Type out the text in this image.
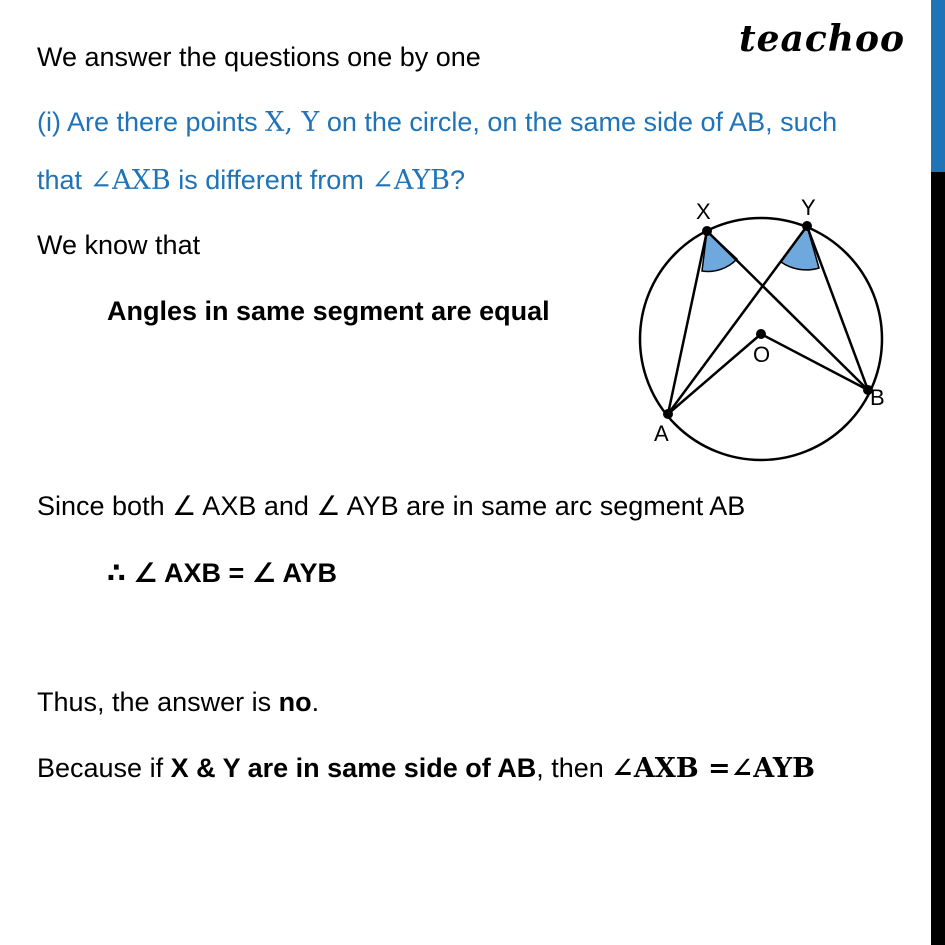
teachoo
We answer the questions one by one
(i) Are there points X, Y on the circle, on the same side of AB, such
that ∠AXB is different from ∠AYB?
We know that
Angles in same segment are equal
Since both ∠ AXB and ∠ AYB are in same arc segment AB
∴ ∠ AXB = ∠ AYB
Thus, the answer is no.
Because if X & Y are in same side of AB, then ∠AXB =∠AYB
X	Y
O
A
B
